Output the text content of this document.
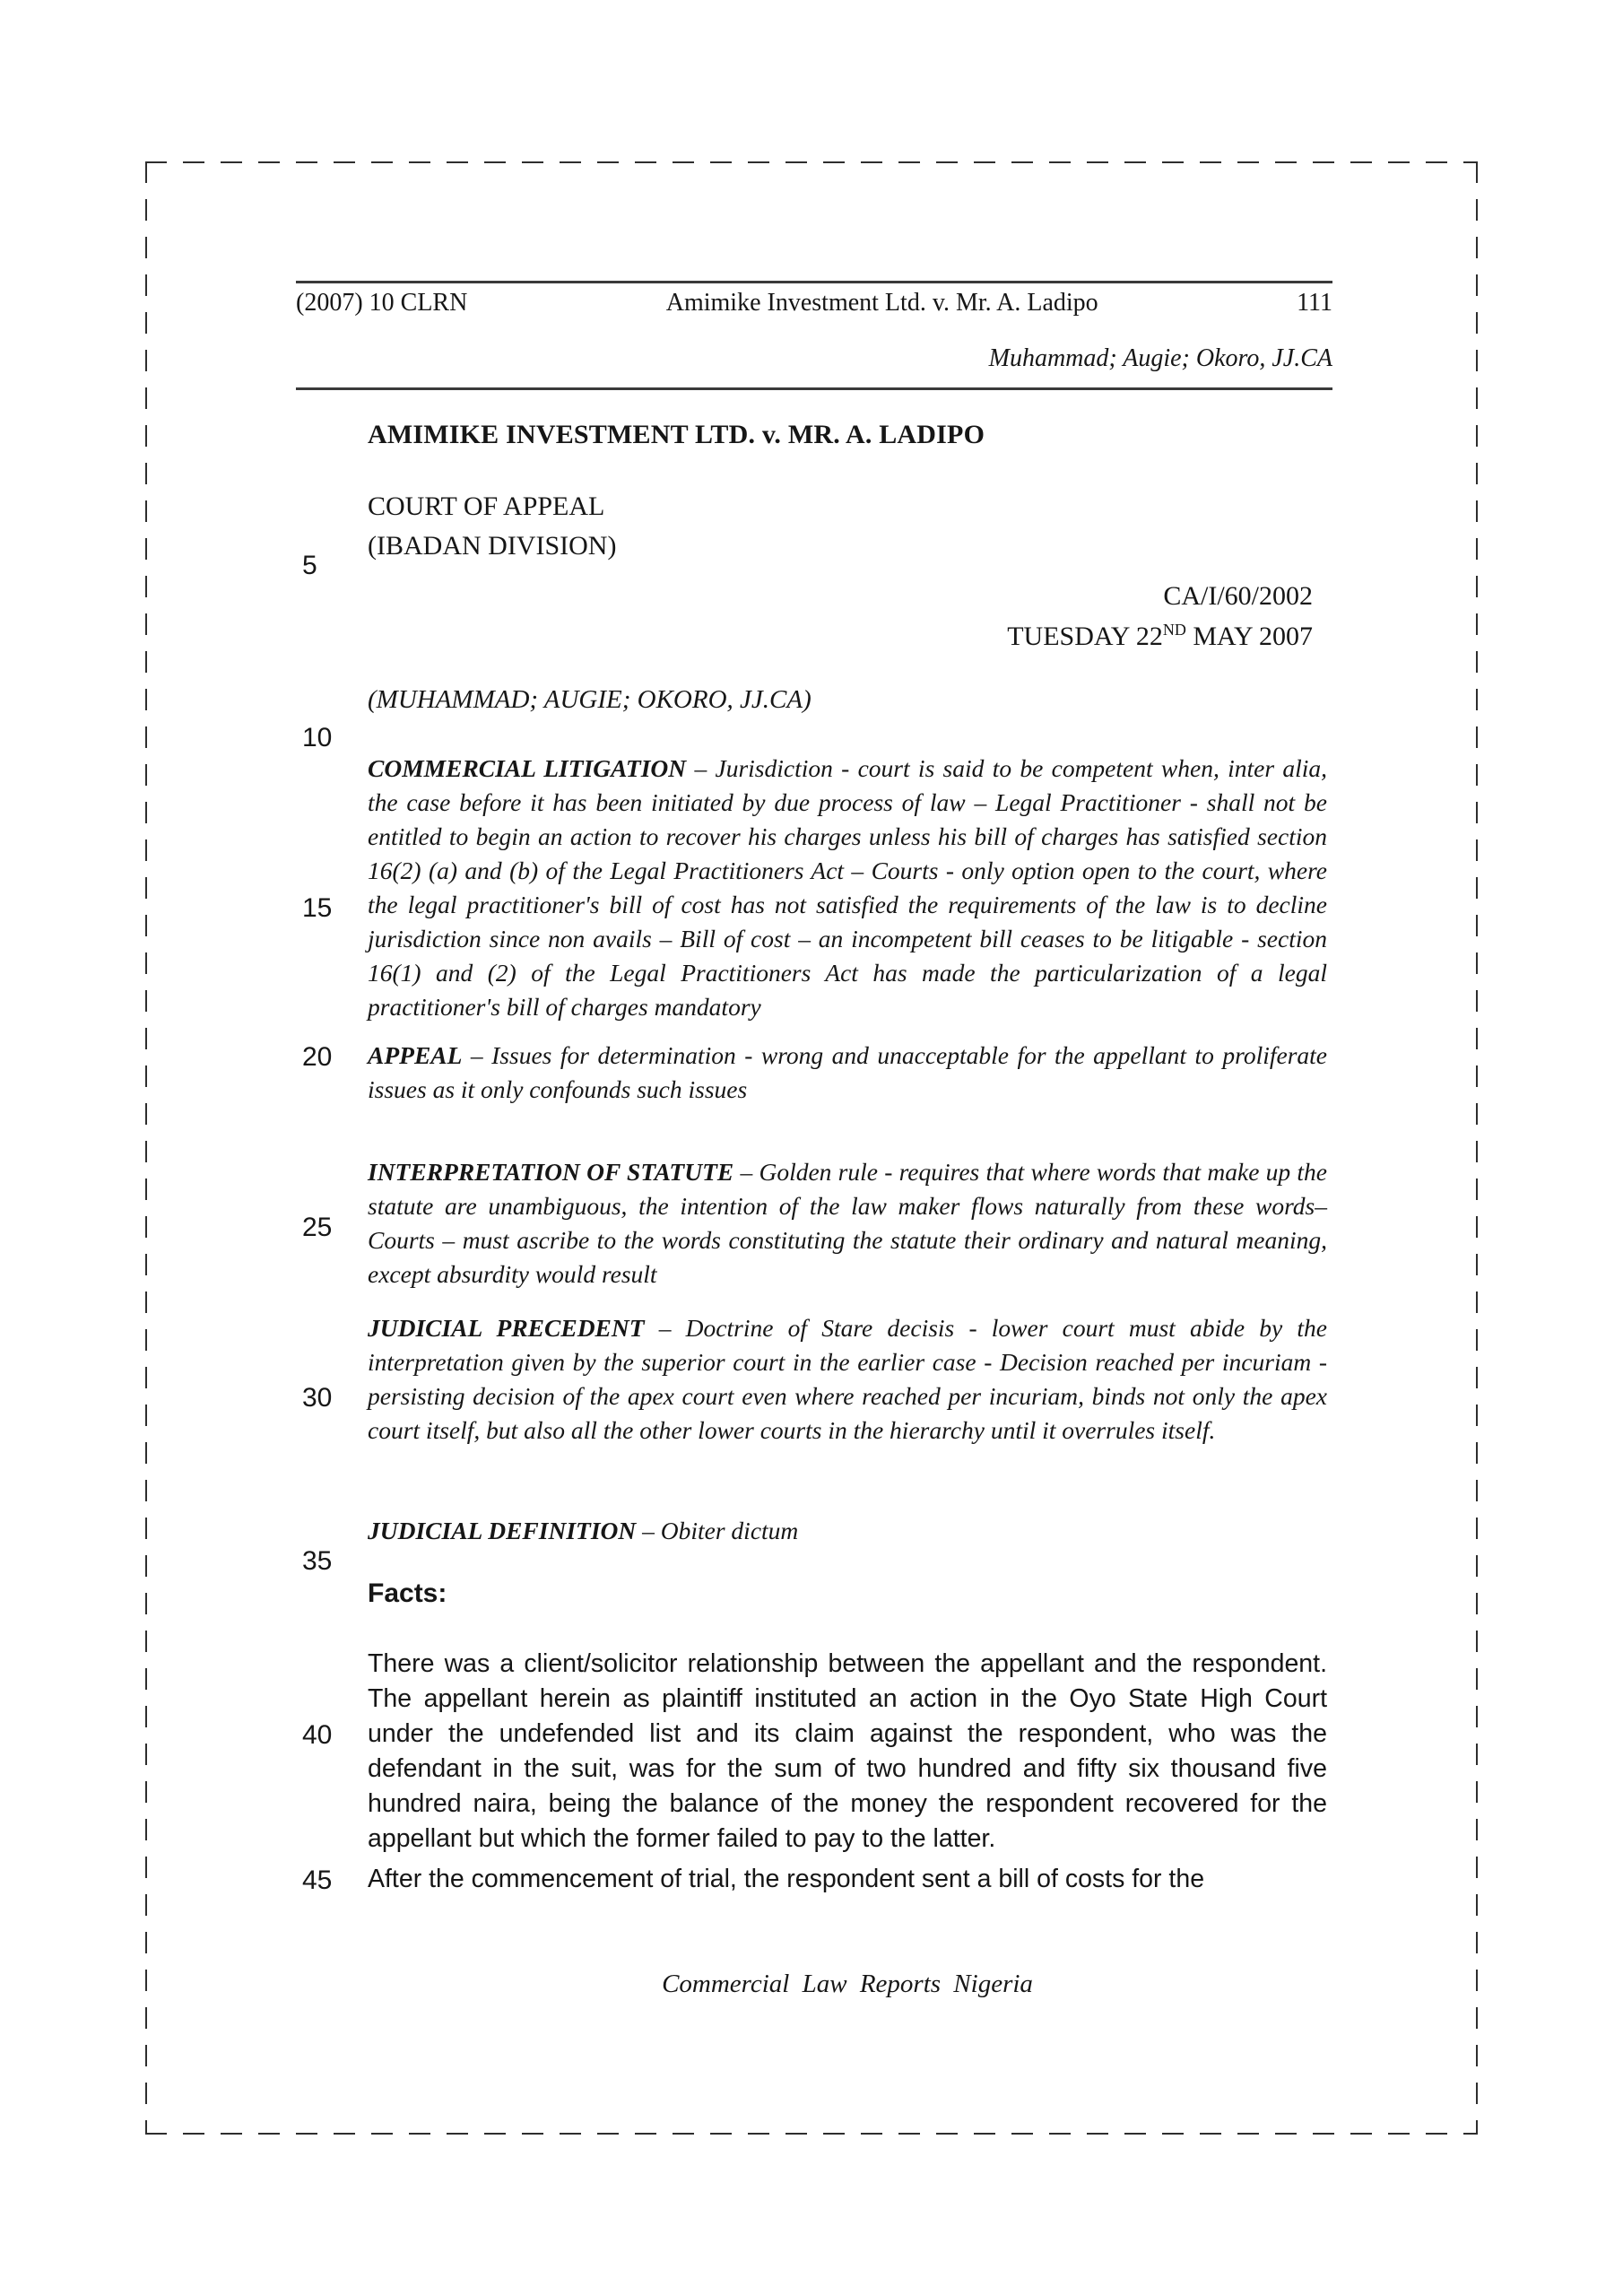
(2007) 10 CLRN	Amimike Investment Ltd. v. Mr. A. Ladipo	111
Muhammad; Augie; Okoro, JJ.CA

AMIMIKE INVESTMENT LTD. v. MR. A. LADIPO

COURT OF APPEAL

(IBADAN DIVISION)

CA/I/60/2002

TUESDAY 22ND MAY 2007

(MUHAMMAD; AUGIE; OKORO, JJ.CA)

5
10
15
20
25
30
35
40
45

COMMERCIAL LITIGATION – Jurisdiction - court is said to be competent when, inter alia, the case before it has been initiated by due process of law – Legal Practitioner - shall not be entitled to begin an action to recover his charges unless his bill of charges has satisfied section 16(2) (a) and (b) of the Legal Practitioners Act – Courts - only option open to the court, where the legal practitioner's bill of cost has not satisfied the requirements of the law is to decline jurisdiction since non avails – Bill of cost – an incompetent bill ceases to be litigable - section 16(1) and (2) of the Legal Practitioners Act has made the particularization of a legal practitioner's bill of charges mandatory

APPEAL – Issues for determination - wrong and unacceptable for the appellant to proliferate issues as it only confounds such issues

INTERPRETATION OF STATUTE – Golden rule - requires that where words that make up the statute are unambiguous, the intention of the law maker flows naturally from these words– Courts – must ascribe to the words constituting the statute their ordinary and natural meaning, except absurdity would result

JUDICIAL PRECEDENT – Doctrine of Stare decisis - lower court must abide by the interpretation given by the superior court in the earlier case - Decision reached per incuriam - persisting decision of the apex court even where reached per incuriam, binds not only the apex court itself, but also all the other lower courts in the hierarchy until it overrules itself.

JUDICIAL DEFINITION – Obiter dictum

Facts:

There was a client/solicitor relationship between the appellant and the respondent. The appellant herein as plaintiff instituted an action in the Oyo State High Court under the undefended list and its claim against the respondent, who was the defendant in the suit, was for the sum of two hundred and fifty six thousand five hundred naira, being the balance of the money the respondent recovered for the appellant but which the former failed to pay to the latter.

After the commencement of trial, the respondent sent a bill of costs for the

Commercial Law Reports Nigeria
